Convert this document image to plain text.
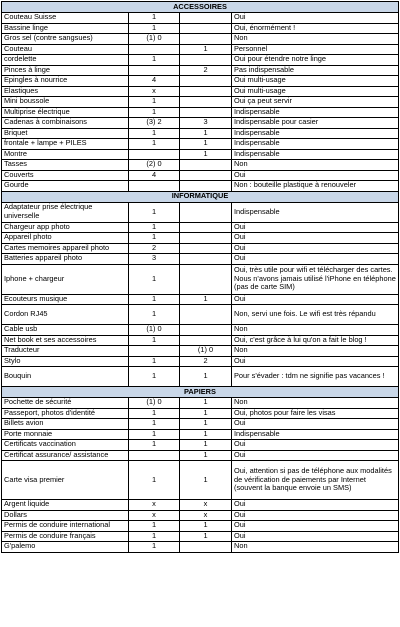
ACCESSOIRES			
Couteau Suisse	1		Oui
Bassine linge	1		Oui, énormément !
Gros sel (contre sangsues)	(1) 0		Non
Couteau		1	Personnel
cordelette	1		Oui pour étendre notre linge
Pinces à linge		2	Pas indispensable
Epingles à nourrice	4		Oui multi-usage
Elastiques	x		Oui multi-usage
Mini boussole	1		Oui ça peut servir
Multiprise électrique	1		Indispensable
Cadenas à combinaisons	(3) 2	3	Indispensable pour casier
Briquet	1	1	Indispensable
frontale + lampe + PILES	1	1	Indispensable
Montre		1	Indispensable
Tasses	(2) 0		Non
Couverts	4		Oui
Gourde			Non : bouteille plastique à renouveler
INFORMATIQUE			
Adaptateur prise électrique universelle	1		Indispensable
Chargeur app photo	1		Oui
Appareil photo	1		Oui
Cartes memoires appareil photo	2		Oui
Batteries appareil photo	3		Oui
Iphone + chargeur	1		Oui, très utile pour wifi et télécharger des cartes. Nous n'avons jamais utilisé l'iPhone en téléphone (pas de carte SIM)
Ecouteurs musique	1	1	Oui
Cordon RJ45	1		Non, servi une fois. Le wifi est très répandu
Cable usb	(1) 0		Non
Net book et ses accessoires	1		Oui, c'est grâce à lui qu'on a fait le blog !
Traducteur		(1) 0	Non
Stylo	1	2	Oui
Bouquin	1	1	Pour s'évader : tdm ne signifie pas vacances !
PAPIERS			
Pochette de sécurité	(1) 0	1	Non
Passeport, photos d'identité	1	1	Oui, photos pour faire les visas
Billets avion	1	1	Oui
Porte monnaie	1	1	Indispensable
Certificats vaccination	1	1	Oui
Certificat assurance/ assistance		1	Oui
Carte visa premier	1	1	Oui, attention si pas de téléphone aux modalités de vérification de paiements par Internet (souvent la banque envoie un SMS)
Argent liquide	x	x	Oui
Dollars	x	x	Oui
Permis de conduire international	1	1	Oui
Permis de conduire français	1	1	Oui
G'palemo	1		Non
